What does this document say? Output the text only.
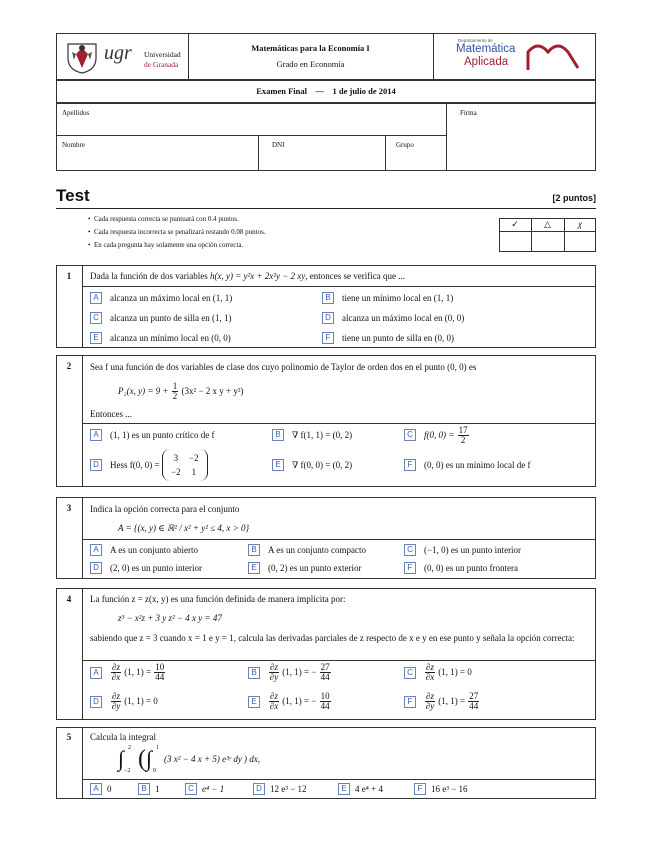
ugr Universidad
de Granada
Matemáticas para la Economía I
Grado en Economía
Departamento de
Matemática
Aplicada
Examen Final — 1 de julio de 2014
Apellidos	Firma
Nombre	DNI	Grupo
Test	[2 puntos]
•  Cada respuesta correcta se puntuará con 0.4 puntos.
•  Cada respuesta incorrecta se penalizará restando 0.08 puntos.
•  En cada pregunta hay solamente una opción correcta.
✓	△	χ
1	Dada la función de dos variables h(x, y) = y²x + 2x²y − 2 xy, entonces se verifica que ...
A	alcanza un máximo local en (1, 1)	B	tiene un mínimo local en (1, 1)
C	alcanza un punto de silla en (1, 1)	D	alcanza un máximo local en (0, 0)
E	alcanza un mínimo local en (0, 0)	F	tiene un punto de silla en (0, 0)
2	Sea f una función de dos variables de clase dos cuyo polinomio de Taylor de orden dos en el punto (0, 0) es
P₂(x, $y) = 9 + \frac{1}{2} (3x^2 - 2$ x y + y²)
Entonces ...
A	(1, 1) es un punto crítico de f	B	∇ f(1, 1) = (0, 2)	C	f(0, $0) = \frac{17}{2}$
D	Hess f(0, 0) =
3 −2
−2 1
E	∇ f(0, 0) = (0, 2)	F	(0, 0) es un mínimo local de f
3	Indica la opción correcta para el conjunto
A = {(x, y) ∈ ℝ² / x² + y² ≤ 4, x > 0}
A	A es un conjunto abierto	B	A es un conjunto compacto	C	(−1, 0) es un punto interior
D	(2, 0) es un punto interior	E	(0, 2) es un punto exterior	F	(0, 0) es un punto frontera
4	La función z = z(x, y) es una función definida de manera implícita por:
z³ − x²z + 3 y z² − 4 x y = 47
sabiendo que z = 3 cuando x = 1 e y = 1, calcula las derivadas parciales de z respecto de x e y en ese punto y señala la opción correcta:
A	$\frac{\partial z}{\partial x} (1$, $1) = \frac{10}{44}$	B	$\frac{\partial z}{\partial y} (1$, 1) = − $\frac{27}{44}$	C	$\frac{\partial z}{\partial x} (1$, 1) = 0
D	$\frac{\partial z}{\partial y} (1$, 1) = 0	E	$\frac{\partial z}{\partial x} (1$, 1) = − $\frac{10}{44}$	F	$\frac{\partial z}{\partial y} (1$, $1) = \frac{27}{44}$
5	Calcula la integral
∫ 2
−2 ( ∫ 1
0
(3 x² − 4 x + 5) e³ʸ dy ) dx,
A 0	B 1	C e⁴ − 1	D 12 e³ − 12	E 4 e⁴ + 4	F 16 e³ − 16
